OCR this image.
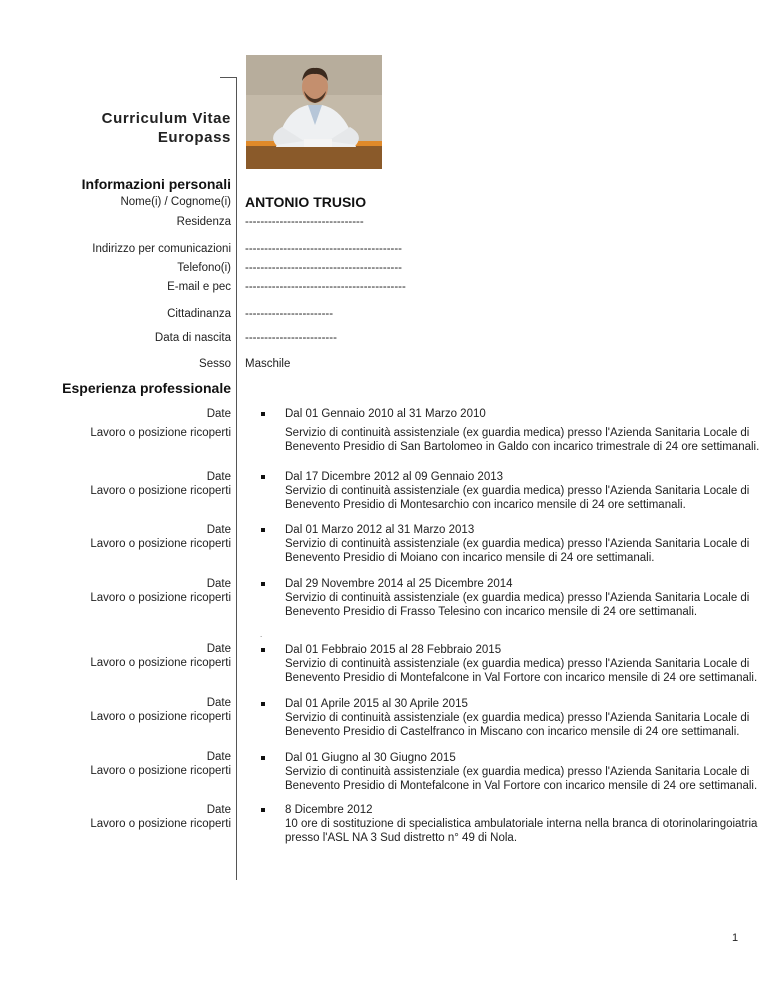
Curriculum Vitae
Europass
Informazioni personali
Nome(i) / Cognome(i) ANTONIO TRUSIO
Residenza -------------------------------
Indirizzo per comunicazioni -----------------------------------------
Telefono(i) -----------------------------------------
E-mail e pec ------------------------------------------
Cittadinanza -----------------------
Data di nascita ------------------------
Sesso Maschile
Esperienza professionale
Date
Lavoro o posizione ricoperti
Dal 01 Gennaio 2010 al 31 Marzo 2010
Servizio di continuità assistenziale (ex guardia medica) presso l'Azienda Sanitaria Locale di
Benevento Presidio di San Bartolomeo in Galdo con incarico trimestrale di 24 ore settimanali.
Date
Lavoro o posizione ricoperti
Dal 17 Dicembre 2012 al 09 Gennaio 2013
Servizio di continuità assistenziale (ex guardia medica) presso l'Azienda Sanitaria Locale di
Benevento Presidio di Montesarchio con incarico mensile di 24 ore settimanali.
Date
Lavoro o posizione ricoperti
Dal 01 Marzo 2012 al 31 Marzo 2013
Servizio di continuità assistenziale (ex guardia medica) presso l'Azienda Sanitaria Locale di
Benevento Presidio di Moiano con incarico mensile di 24 ore settimanali.
Date
Lavoro o posizione ricoperti
Dal 29 Novembre 2014 al 25 Dicembre 2014
Servizio di continuità assistenziale (ex guardia medica) presso l'Azienda Sanitaria Locale di
Benevento Presidio di Frasso Telesino con incarico mensile di 24 ore settimanali.
.
Date
Lavoro o posizione ricoperti
Dal 01 Febbraio 2015 al 28 Febbraio 2015
Servizio di continuità assistenziale (ex guardia medica) presso l'Azienda Sanitaria Locale di
Benevento Presidio di Montefalcone in Val Fortore con incarico mensile di 24 ore settimanali.
Date
Lavoro o posizione ricoperti
Dal 01 Aprile 2015 al 30 Aprile 2015
Servizio di continuità assistenziale (ex guardia medica) presso l'Azienda Sanitaria Locale di
Benevento Presidio di Castelfranco in Miscano con incarico mensile di 24 ore settimanali.
Date
Lavoro o posizione ricoperti
Dal 01 Giugno al 30 Giugno 2015
Servizio di continuità assistenziale (ex guardia medica) presso l'Azienda Sanitaria Locale di
Benevento Presidio di Montefalcone in Val Fortore con incarico mensile di 24 ore settimanali.
Date
Lavoro o posizione ricoperti
8 Dicembre 2012
10 ore di sostituzione di specialistica ambulatoriale interna nella branca di otorinolaringoiatria
presso l'ASL NA 3 Sud distretto n° 49 di Nola.
1
